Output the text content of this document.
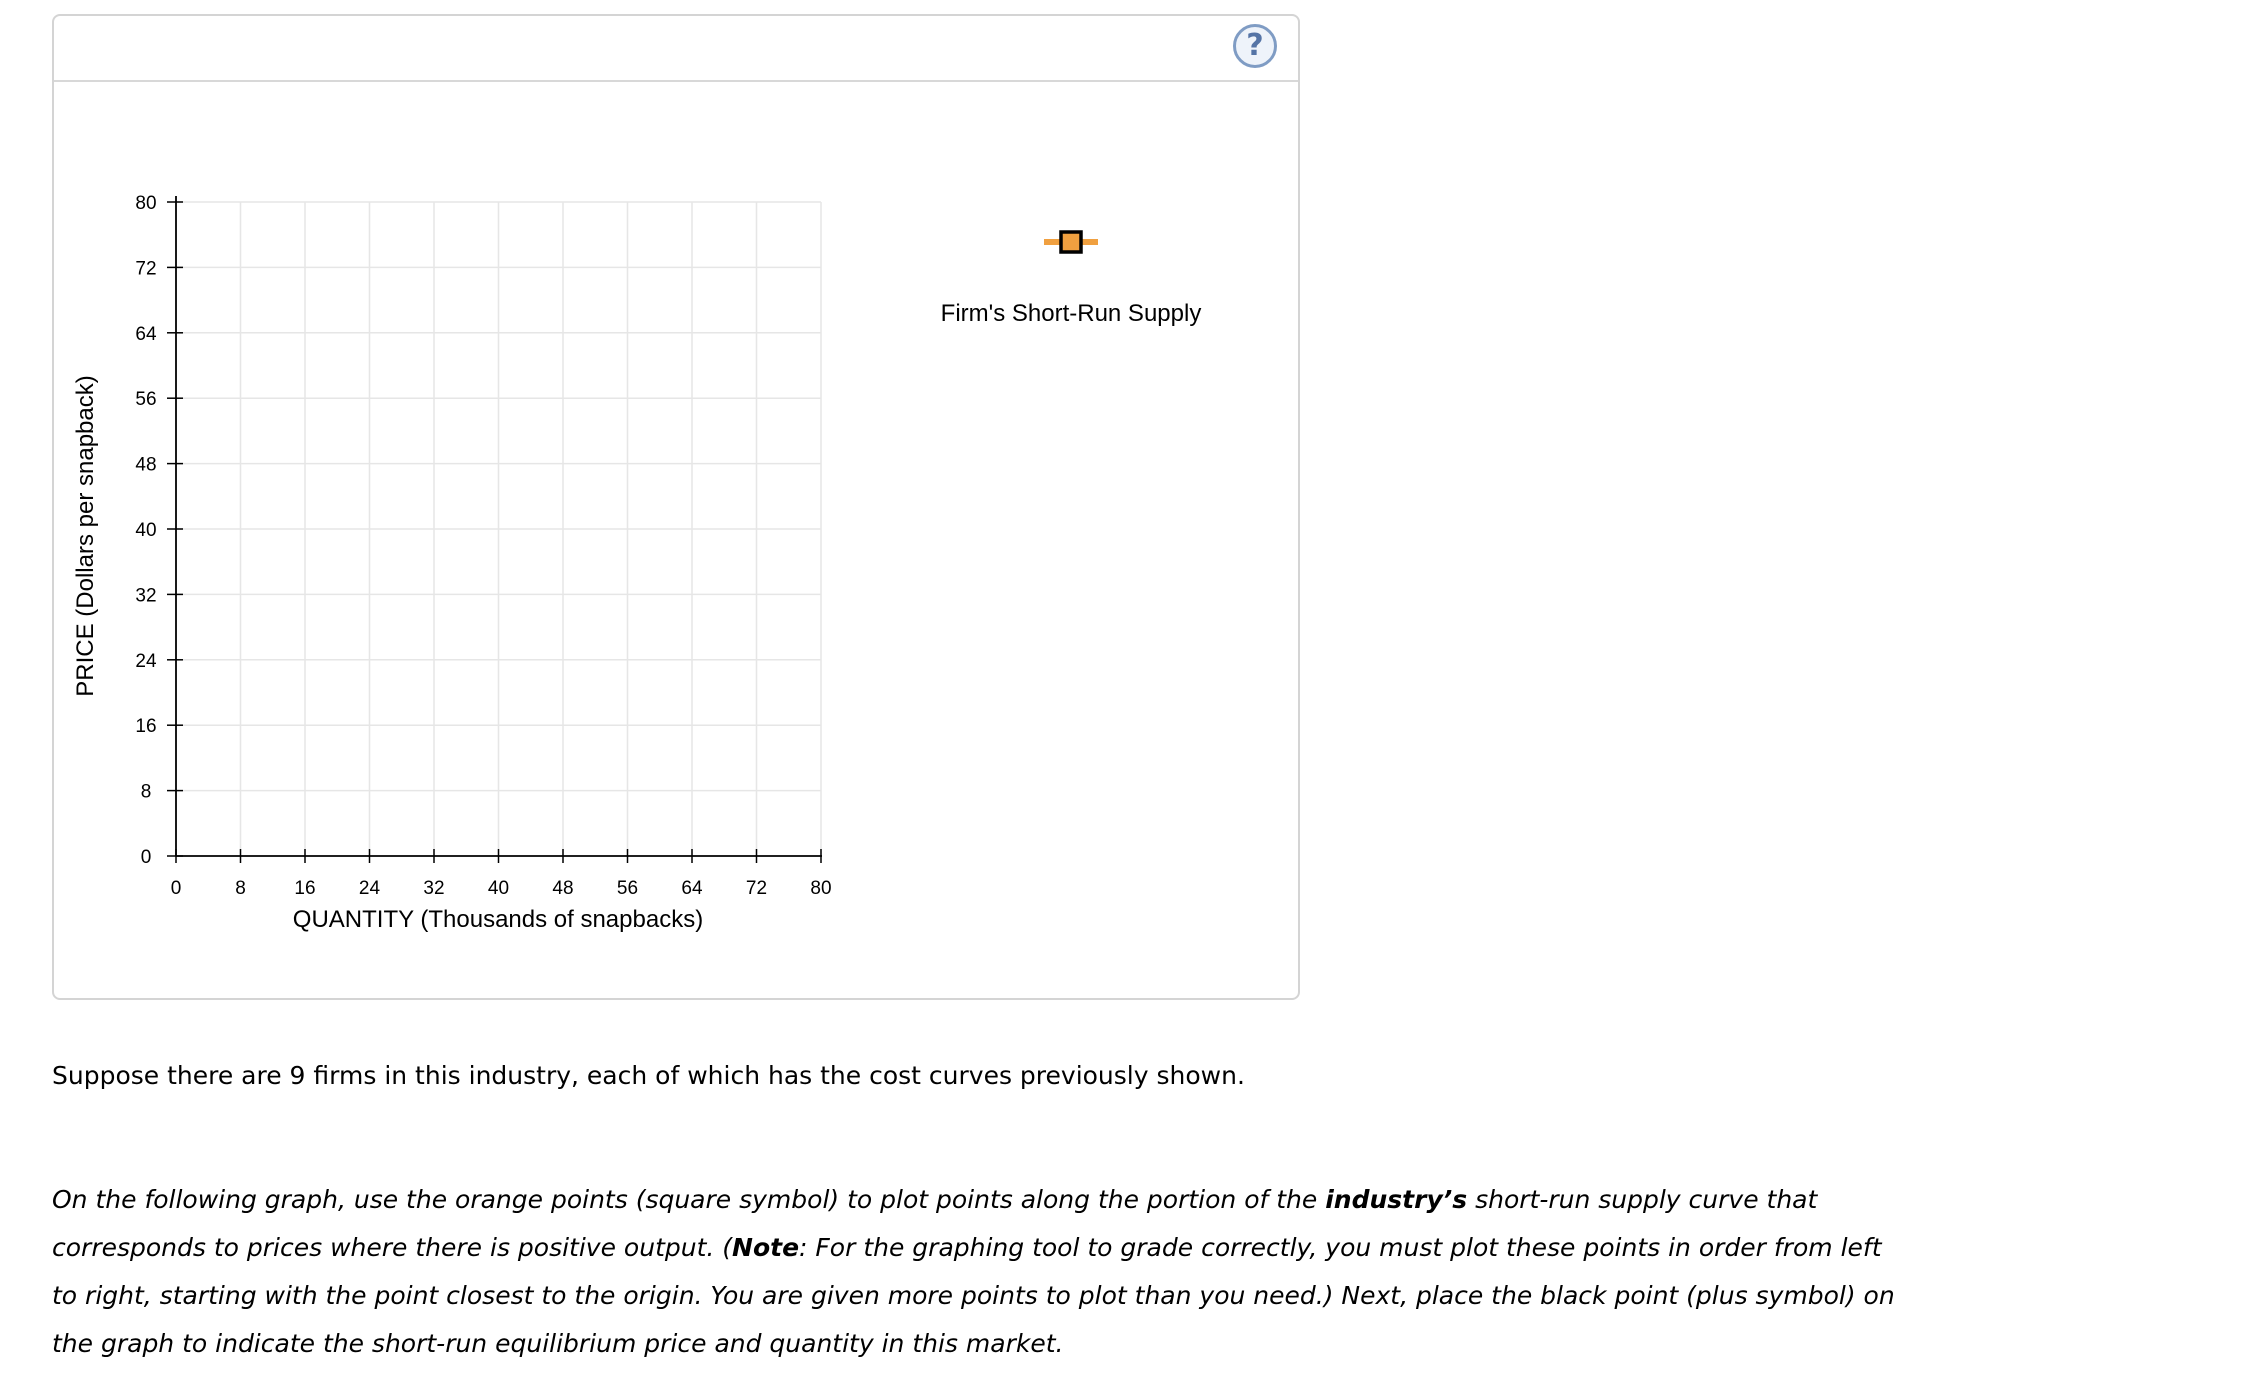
?
0	8	16 24 32 40 48 56 64 72 80
0
8
16
24
32
40
48
56
64
72
80
QUANTITY (Thousands of snapbacks)
PRICE (Dollars per snapback)
Firm's Short-Run Supply

Suppose there are 9 firms in this industry, each of which has the cost curves previously shown.

On the following graph, use the orange points (square symbol) to plot points along the portion of the industry’s short-run supply curve that corresponds to prices where there is positive output. (Note: For the graphing tool to grade correctly, you must plot these points in order from left to right, starting with the point closest to the origin. You are given more points to plot than you need.) Next, place the black point (plus symbol) on the graph to indicate the short-run equilibrium price and quantity in this market.
